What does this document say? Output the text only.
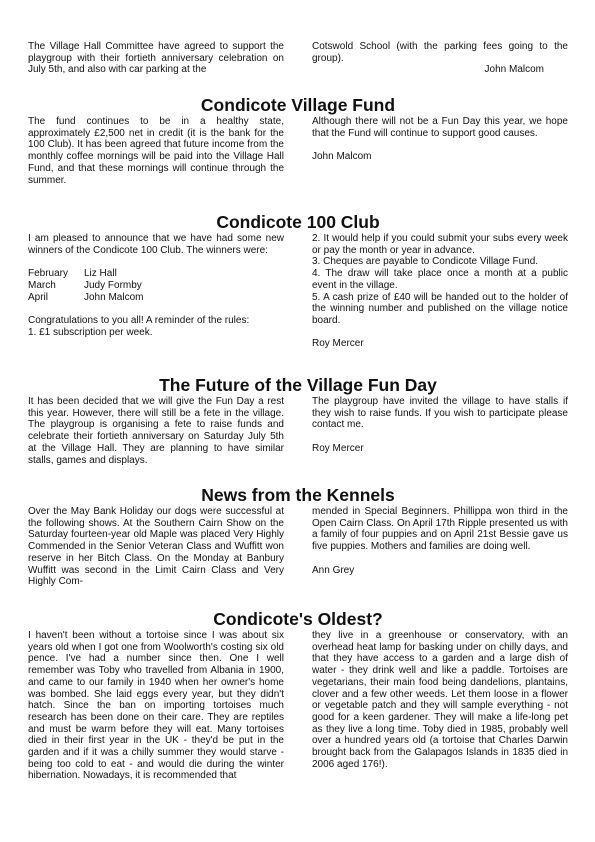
The Village Hall Committee have agreed to support the playgroup with their fortieth anniversary celebration on July 5th, and also with car parking at the

Cotswold School (with the parking fees going to the group).

John Malcom

Condicote Village Fund

The fund continues to be in a healthy state, approximately £2,500 net in credit (it is the bank for the 100 Club). It has been agreed that future income from the monthly coffee mornings will be paid into the Village Hall Fund, and that these mornings will continue through the summer.

Although there will not be a Fun Day this year, we hope that the Fund will continue to support good causes.

John Malcom

Condicote 100 Club

I am pleased to announce that we have had some new winners of the Condicote 100 Club. The winners were:

February	Liz Hall
March	Judy Formby
April	John Malcom

Congratulations to you all! A reminder of the rules:

1. £1 subscription per week.

2. It would help if you could submit your subs every week or pay the month or year in advance.

3. Cheques are payable to Condicote Village Fund.

4. The draw will take place once a month at a public event in the village.

5. A cash prize of £40 will be handed out to the holder of the winning number and published on the village notice board.

Roy Mercer

The Future of the Village Fun Day

It has been decided that we will give the Fun Day a rest this year. However, there will still be a fete in the village. The playgroup is organising a fete to raise funds and celebrate their fortieth anniversary on Saturday July 5th at the Village Hall. They are planning to have similar stalls, games and displays.

The playgroup have invited the village to have stalls if they wish to raise funds. If you wish to participate please contact me.

Roy Mercer

News from the Kennels

Over the May Bank Holiday our dogs were successful at the following shows. At the Southern Cairn Show on the Saturday fourteen-year old Maple was placed Very Highly Commended in the Senior Veteran Class and Wuffitt won reserve in her Bitch Class. On the Monday at Banbury Wuffitt was second in the Limit Cairn Class and Very Highly Com-

mended in Special Beginners. Phillippa won third in the Open Cairn Class. On April 17th Ripple presented us with a family of four puppies and on April 21st Bessie gave us five puppies. Mothers and families are doing well.

Ann Grey

Condicote's Oldest?

I haven't been without a tortoise since I was about six years old when I got one from Woolworth's costing six old pence. I've had a number since then. One I well remember was Toby who travelled from Albania in 1900, and came to our family in 1940 when her owner's home was bombed. She laid eggs every year, but they didn't hatch. Since the ban on importing tortoises much research has been done on their care. They are reptiles and must be warm before they will eat. Many tortoises died in their first year in the UK - they'd be put in the garden and if it was a chilly summer they would starve - being too cold to eat - and would die during the winter hibernation. Nowadays, it is recommended that

they live in a greenhouse or conservatory, with an overhead heat lamp for basking under on chilly days, and that they have access to a garden and a large dish of water - they drink well and like a paddle. Tortoises are vegetarians, their main food being dandelions, plantains, clover and a few other weeds. Let them loose in a flower or vegetable patch and they will sample everything - not good for a keen gardener. They will make a life-long pet as they live a long time. Toby died in 1985, probably well over a hundred years old (a tortoise that Charles Darwin brought back from the Galapagos Islands in 1835 died in 2006 aged 176!).
